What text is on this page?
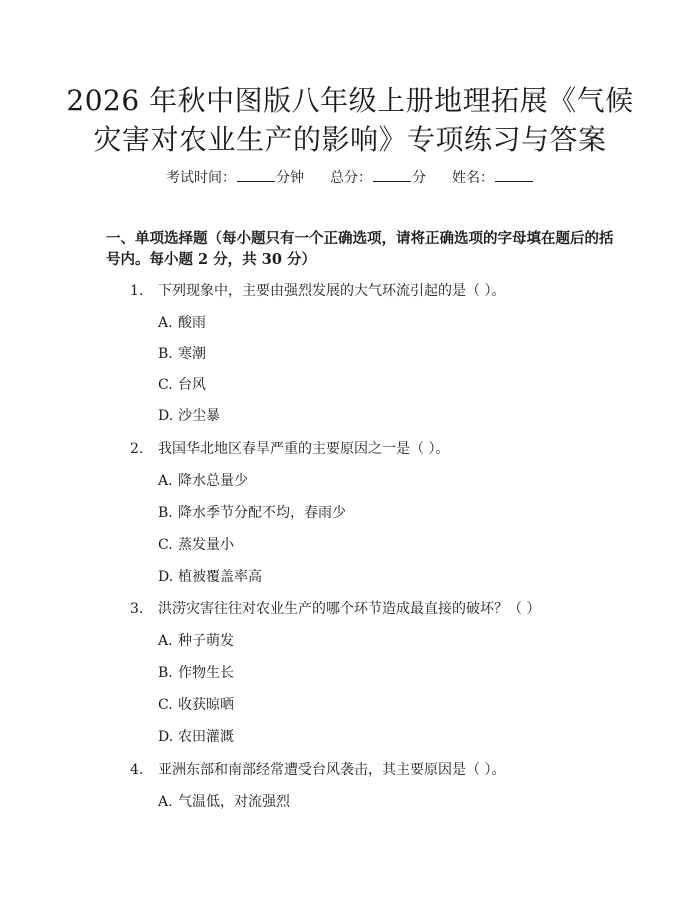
2026 年秋中图版八年级上册地理拓展《气候
灾害对农业生产的影响》专项练习与答案
考试时间：	分钟 总分：	分 姓名：
一、单项选择题（每小题只有一个正确选项，请将正确选项的字母填在题后的括
号内。每小题 2 分，共 30 分）
1. 下列现象中，主要由强烈发展的大气环流引起的是（ ）。
A. 酸雨
B. 寒潮
C. 台风
D. 沙尘暴
2. 我国华北地区春旱严重的主要原因之一是（ ）。
A. 降水总量少
B. 降水季节分配不均，春雨少
C. 蒸发量小
D. 植被覆盖率高
3. 洪涝灾害往往对农业生产的哪个环节造成最直接的破坏？（ ）
A. 种子萌发
B. 作物生长
C. 收获晾晒
D. 农田灌溉
4. 亚洲东部和南部经常遭受台风袭击，其主要原因是（ ）。
A. 气温低，对流强烈
